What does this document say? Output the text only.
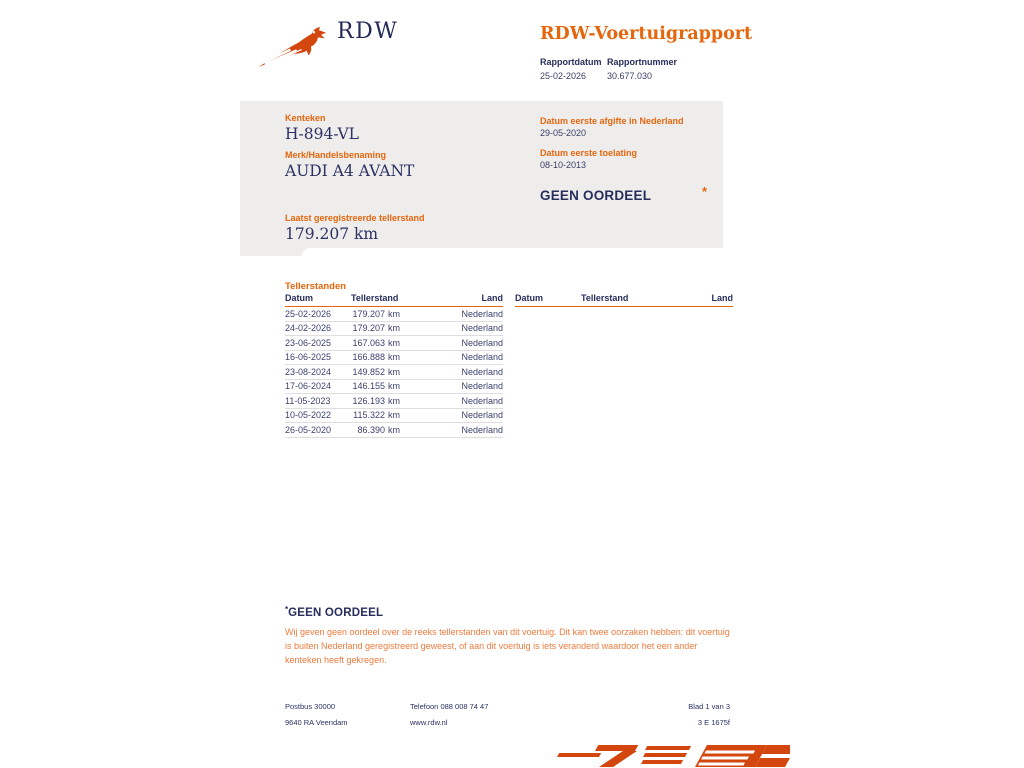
RDW	RDW-Voertuigrapport
Rapportdatum
25-02-2026
Rapportnummer
30.677.030
Kenteken
H-894-VL
Merk/Handelsbenaming
AUDI A4 AVANT
Laatst geregistreerde tellerstand
179.207 km
Datum eerste afgifte in Nederland
29-05-2020
Datum eerste toelating
08-10-2013
GEEN OORDEEL	*
Tellerstanden
Datum	Tellerstand	Land
25-02-2026	179.207 km	Nederland
24-02-2026	179.207 km	Nederland
23-06-2025	167.063 km	Nederland
16-06-2025	166.888 km	Nederland
23-08-2024	149.852 km	Nederland
17-06-2024	146.155 km	Nederland
11-05-2023	126.193 km	Nederland
10-05-2022	115.322 km	Nederland
26-05-2020	86.390 km	Nederland
Datum	Tellerstand	Land
*GEEN OORDEEL
Wij geven geen oordeel over de reeks tellerstanden van dit voertuig. Dit kan twee oorzaken hebben: dit voertuig is buiten Nederland geregistreerd geweest, of aan dit voertuig is iets veranderd waardoor het een ander kenteken heeft gekregen.
Postbus 30000
9640 RA Veendam
Telefoon 088 008 74 47
www.rdw.nl
Blad 1 van 3
3 E 1675f
